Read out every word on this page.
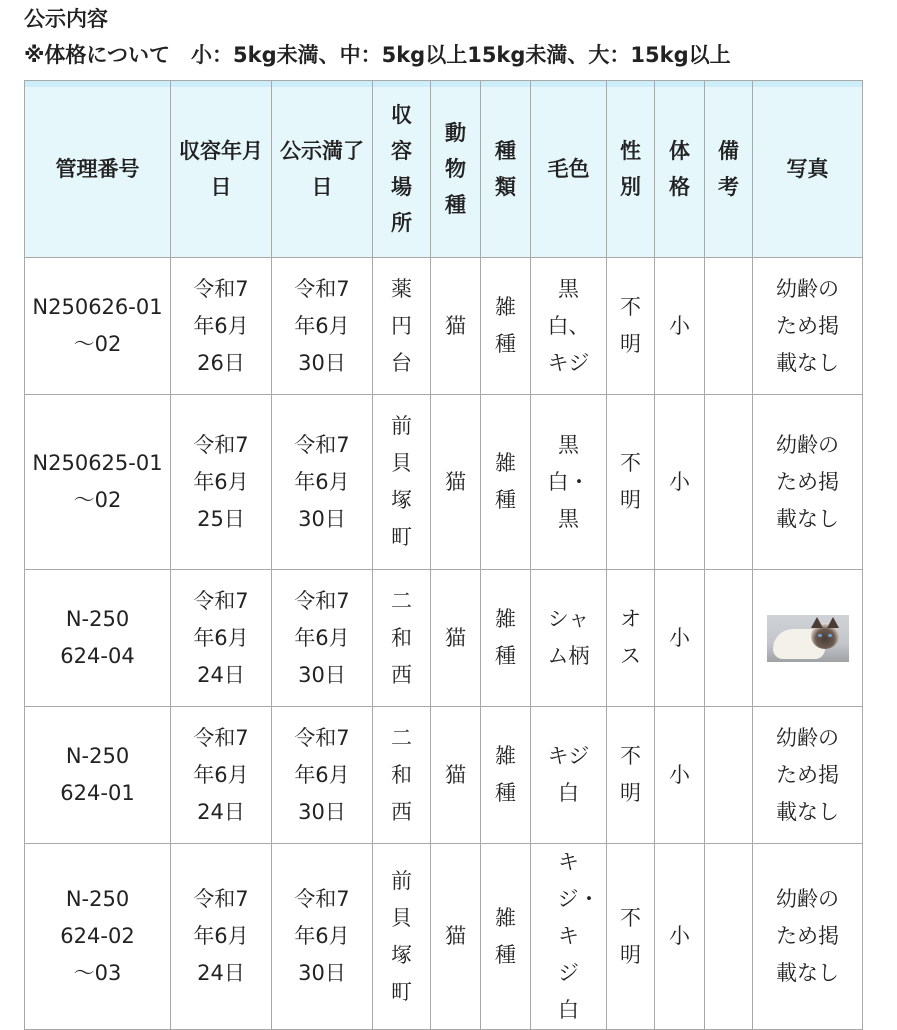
公示内容
※体格について　小：5kg未満、中：5kg以上15kg未満、大：15kg以上
管理番号	収容年月日	公示満了日	収容場所	動物種	種類	毛色	性別	体格	備考	写真

N250626-01～02	令和7年6月26日	令和7年6月30日	薬円台	猫	雑種	黒白、キジ	不明	小		幼齢のため掲載なし

N250625-01～02	令和7年6月25日	令和7年6月30日	前貝塚町	猫	雑種	黒白・黒	不明	小		幼齢のため掲載なし

N-250624-04	令和7年6月24日	令和7年6月30日	二和西	猫	雑種	シャム柄	オス	小		

N-250624-01	令和7年6月24日	令和7年6月30日	二和西	猫	雑種	キジ白	不明	小		幼齢のため掲載なし

N-250624-02～03	令和7年6月24日	令和7年6月30日	前貝塚町	猫	雑種	キジ・キジ白	不明	小		幼齢のため掲載なし
